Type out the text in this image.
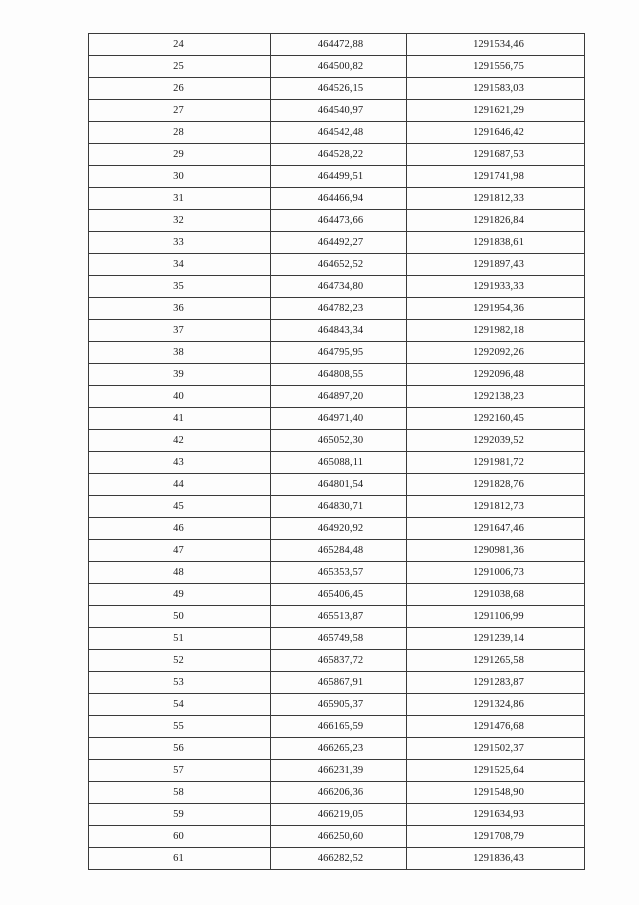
24	464472,88	1291534,46
25	464500,82	1291556,75
26	464526,15	1291583,03
27	464540,97	1291621,29
28	464542,48	1291646,42
29	464528,22	1291687,53
30	464499,51	1291741,98
31	464466,94	1291812,33
32	464473,66	1291826,84
33	464492,27	1291838,61
34	464652,52	1291897,43
35	464734,80	1291933,33
36	464782,23	1291954,36
37	464843,34	1291982,18
38	464795,95	1292092,26
39	464808,55	1292096,48
40	464897,20	1292138,23
41	464971,40	1292160,45
42	465052,30	1292039,52
43	465088,11	1291981,72
44	464801,54	1291828,76
45	464830,71	1291812,73
46	464920,92	1291647,46
47	465284,48	1290981,36
48	465353,57	1291006,73
49	465406,45	1291038,68
50	465513,87	1291106,99
51	465749,58	1291239,14
52	465837,72	1291265,58
53	465867,91	1291283,87
54	465905,37	1291324,86
55	466165,59	1291476,68
56	466265,23	1291502,37
57	466231,39	1291525,64
58	466206,36	1291548,90
59	466219,05	1291634,93
60	466250,60	1291708,79
61	466282,52	1291836,43
